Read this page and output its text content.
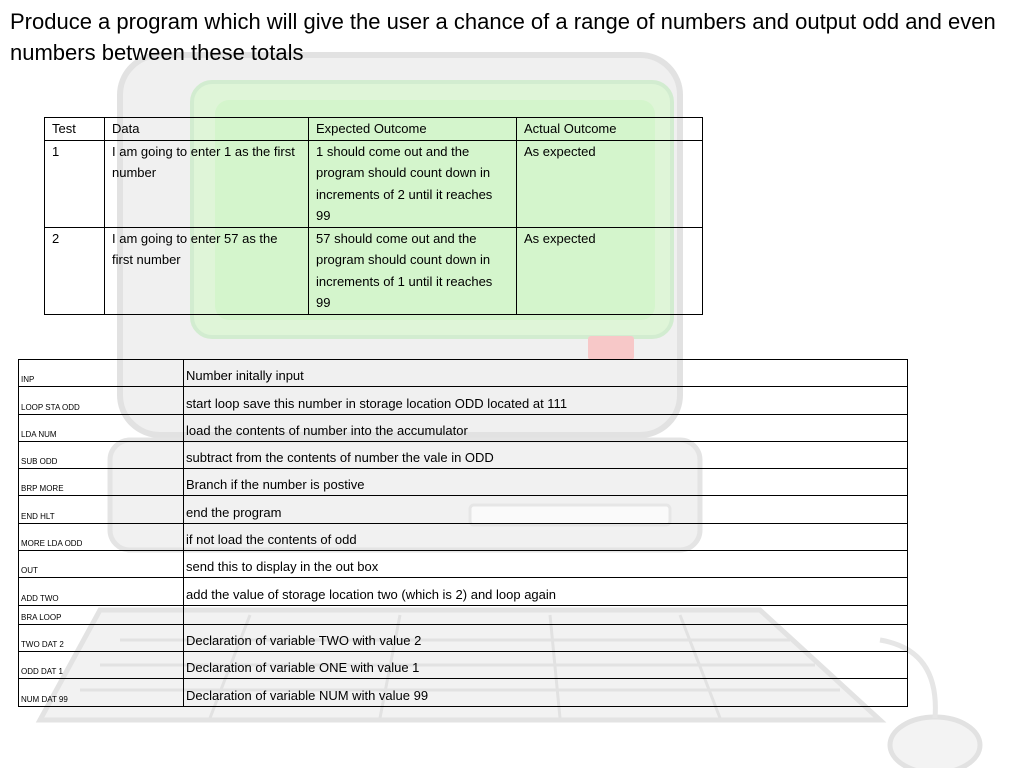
Produce a program which will give the user a chance of a range of numbers and output odd and even numbers between these totals
Test	Data	Expected Outcome	Actual Outcome
1	I am going to enter 1 as the first number	1 should come out and the program should count down in increments of 2 until it reaches 99	As expected
2	I am going to enter 57 as the first number	57 should come out and the program should count down in increments of 1 until it reaches 99	As expected
INP	Number initally input
LOOP STA ODD	start loop save this number in storage location ODD located at 111
LDA NUM	load the contents of number into the accumulator
SUB ODD	subtract from the contents of number the vale in ODD
BRP MORE	Branch if the number is postive
END HLT	end the program
MORE LDA ODD	if not load the contents of odd
OUT	send this to display in the out box
ADD TWO	add the value of storage location two (which is 2) and loop again
BRA LOOP	
TWO DAT 2	Declaration of variable TWO with value 2
ODD DAT 1	Declaration of variable ONE with value 1
NUM DAT 99	Declaration of variable NUM with value 99
